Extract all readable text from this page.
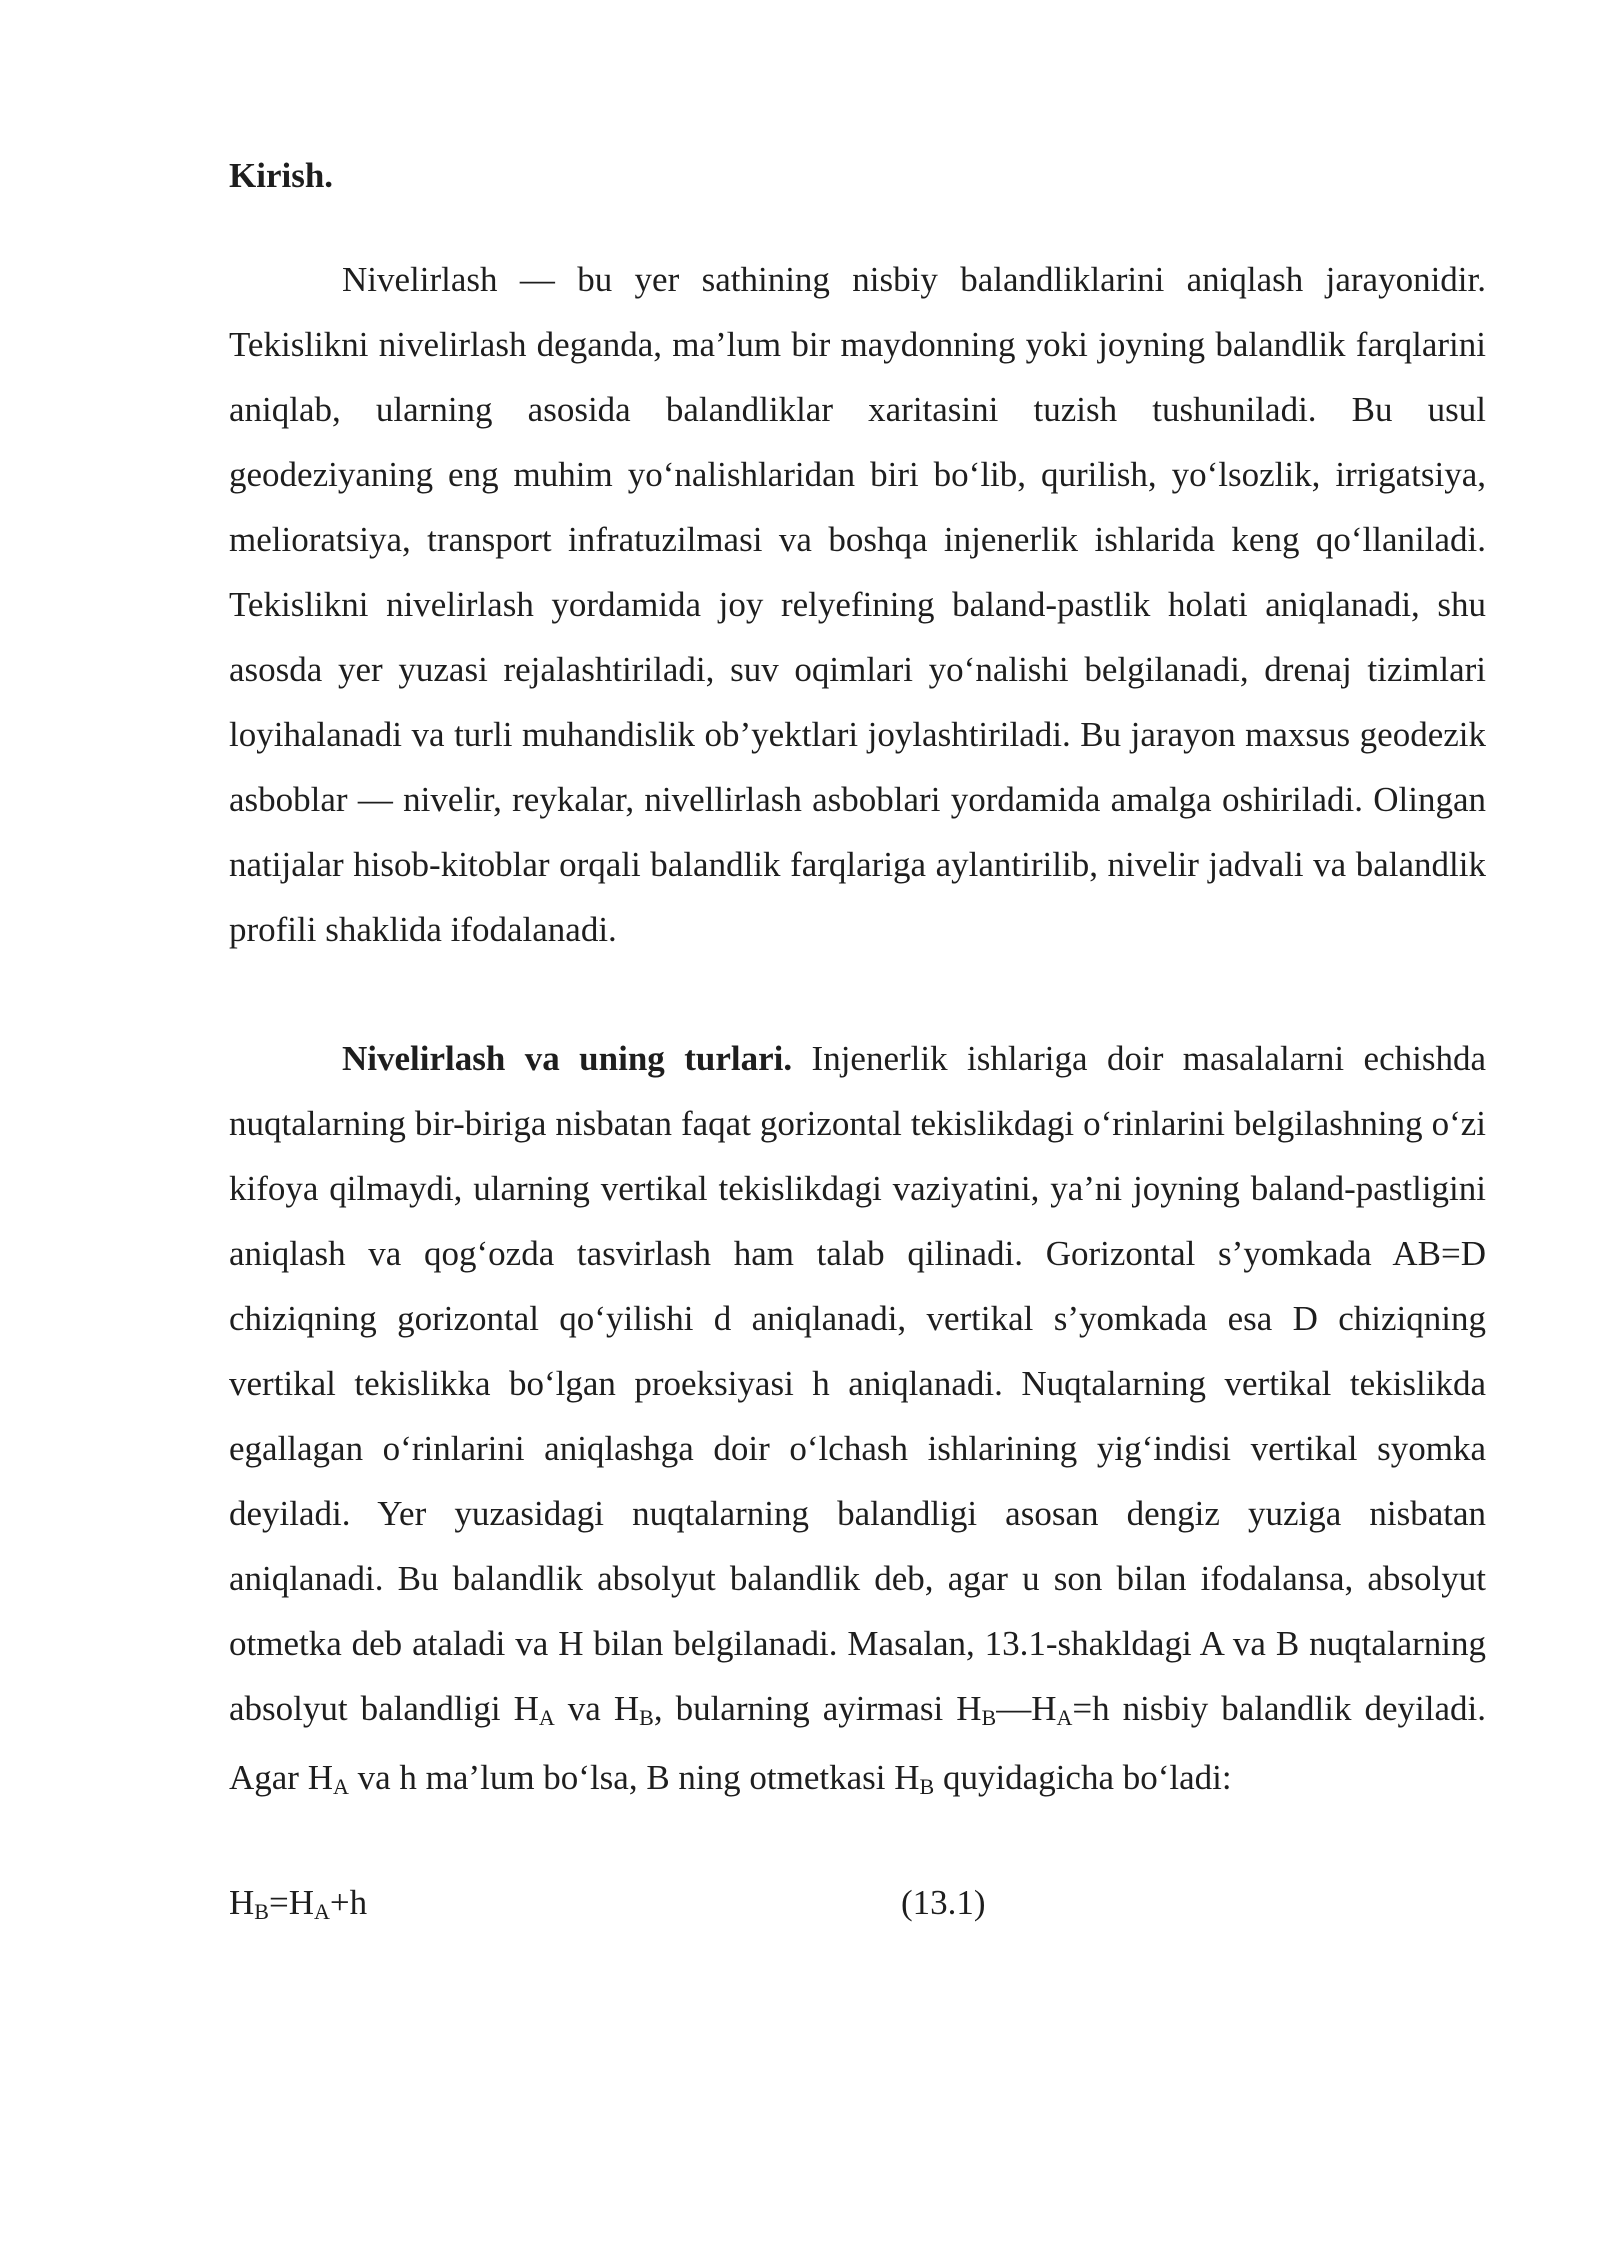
Kirish.

Nivelirlash — bu yer sathining nisbiy balandliklarini aniqlash jarayonidir. Tekislikni nivelirlash deganda, ma’lum bir maydonning yoki joyning balandlik farqlarini aniqlab, ularning asosida balandliklar xaritasini tuzish tushuniladi. Bu usul geodeziyaning eng muhim yo‘nalishlaridan biri bo‘lib, qurilish, yo‘lsozlik, irrigatsiya, melioratsiya, transport infratuzilmasi va boshqa injenerlik ishlarida keng qo‘llaniladi. Tekislikni nivelirlash yordamida joy relyefining baland-pastlik holati aniqlanadi, shu asosda yer yuzasi rejalashtiriladi, suv oqimlari yo‘nalishi belgilanadi, drenaj tizimlari loyihalanadi va turli muhandislik ob’yektlari joylashtiriladi. Bu jarayon maxsus geodezik asboblar — nivelir, reykalar, nivellirlash asboblari yordamida amalga oshiriladi. Olingan natijalar hisob-kitoblar orqali balandlik farqlariga aylantirilib, nivelir jadvali va balandlik profili shaklida ifodalanadi.

Nivelirlash va uning turlari. Injenerlik ishlariga doir masalalarni echishda nuqtalarning bir-biriga nisbatan faqat gorizontal tekislikdagi o‘rinlarini belgilashning o‘zi kifoya qilmaydi, ularning vertikal tekislikdagi vaziyatini, ya’ni joyning baland-pastligini aniqlash va qog‘ozda tasvirlash ham talab qilinadi. Gorizontal s’yomkada AB=D chiziqning gorizontal qo‘yilishi d aniqlanadi, vertikal s’yomkada esa D chiziqning vertikal tekislikka bo‘lgan proeksiyasi h aniqlanadi. Nuqtalarning vertikal tekislikda egallagan o‘rinlarini aniqlashga doir o‘lchash ishlarining yig‘indisi vertikal syomka deyiladi. Yer yuzasidagi nuqtalarning balandligi asosan dengiz yuziga nisbatan aniqlanadi. Bu balandlik absolyut balandlik deb, agar u son bilan ifodalansa, absolyut otmetka deb ataladi va H bilan belgilanadi. Masalan, 13.1-shakldagi A va B nuqtalarning absolyut balandligi $H_A$ va $H_B$, bularning ayirmasi $H_B—H_A=h$ nisbiy balandlik deyiladi. Agar $H_A$ va h ma’lum bo‘lsa, B ning otmetkasi $H_B$ quyidagicha bo‘ladi:

$H_B=H_A+h$	(13.1)
